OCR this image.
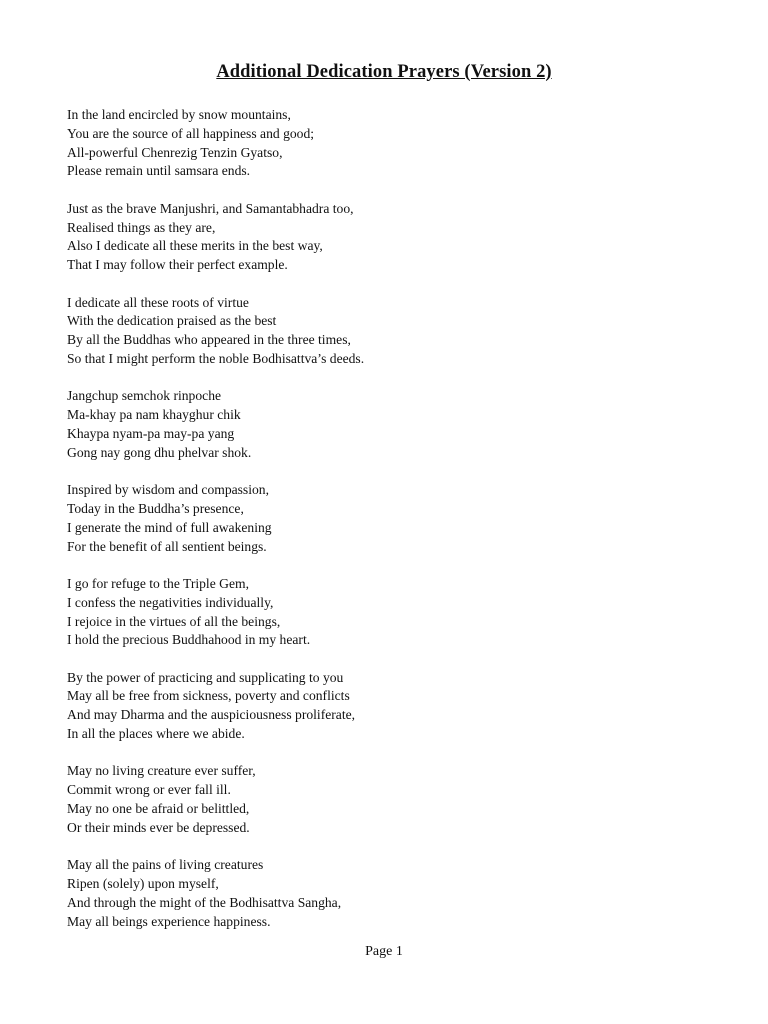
Additional Dedication Prayers (Version 2)
In the land encircled by snow mountains,
You are the source of all happiness and good;
All-powerful Chenrezig Tenzin Gyatso,
Please remain until samsara ends.
Just as the brave Manjushri, and Samantabhadra too,
Realised things as they are,
Also I dedicate all these merits in the best way,
That I may follow their perfect example.
I dedicate all these roots of virtue
With the dedication praised as the best
By all the Buddhas who appeared in the three times,
So that I might perform the noble Bodhisattva’s deeds.
Jangchup semchok rinpoche
Ma-khay pa nam khayghur chik
Khaypa nyam-pa may-pa yang
Gong nay gong dhu phelvar shok.
Inspired by wisdom and compassion,
Today in the Buddha’s presence,
I generate the mind of full awakening
For the benefit of all sentient beings.
I go for refuge to the Triple Gem,
I confess the negativities individually,
I rejoice in the virtues of all the beings,
I hold the precious Buddhahood in my heart.
By the power of practicing and supplicating to you
May all be free from sickness, poverty and conflicts
And may Dharma and the auspiciousness proliferate,
In all the places where we abide.
May no living creature ever suffer,
Commit wrong or ever fall ill.
May no one be afraid or belittled,
Or their minds ever be depressed.
May all the pains of living creatures
Ripen (solely) upon myself,
And through the might of the Bodhisattva Sangha,
May all beings experience happiness.
Page 1
